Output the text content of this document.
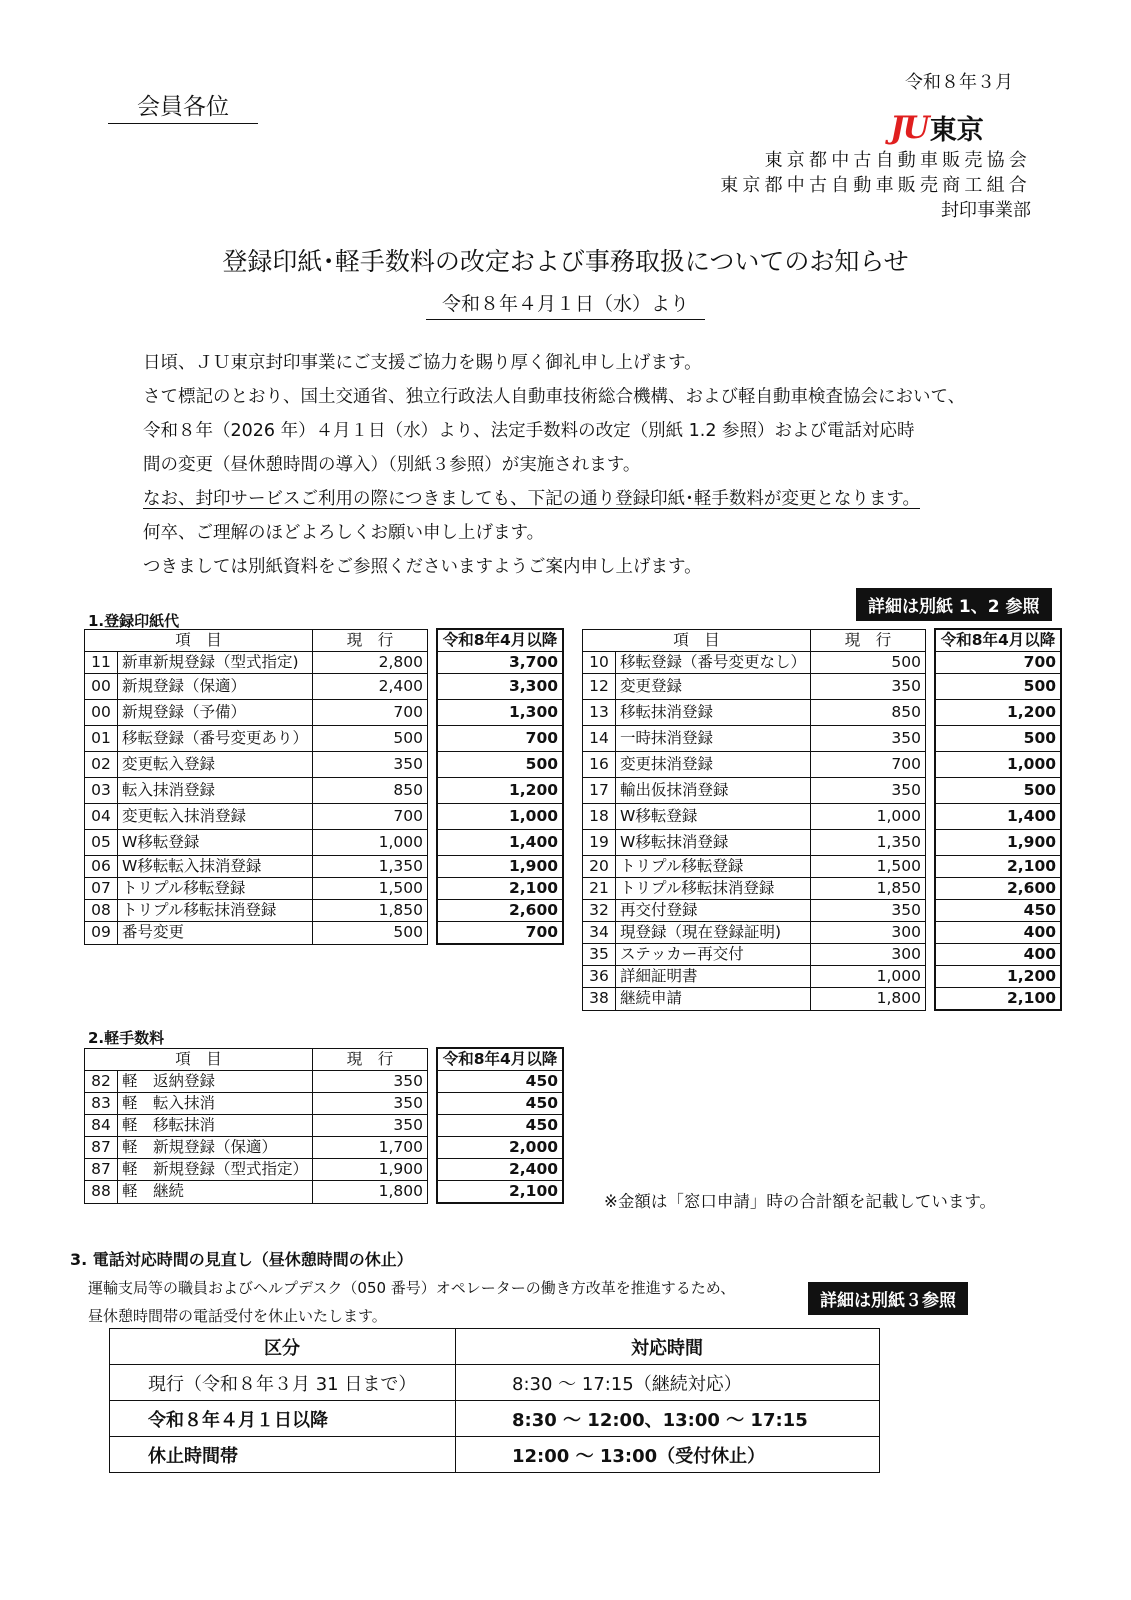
会員各位
令和８年３月
JU 東京
東京都中古自動車販売協会
東京都中古自動車販売商工組合
封印事業部
登録印紙･軽手数料の改定および事務取扱についてのお知らせ
令和８年４月１日（水）より
日頃、ＪＵ東京封印事業にご支援ご協力を賜り厚く御礼申し上げます。
さて標記のとおり、国土交通省、独立行政法人自動車技術総合機構、および軽自動車検査協会において、
令和８年（2026 年）４月１日（水）より、法定手数料の改定（別紙 1.2 参照）および電話対応時
間の変更（昼休憩時間の導入）（別紙３参照）が実施されます。
なお、封印サービスご利用の際につきましても、下記の通り登録印紙･軽手数料が変更となります。
何卒、ご理解のほどよろしくお願い申し上げます。
つきましては別紙資料をご参照くださいますようご案内申し上げます。
詳細は別紙 1、2 参照
1.登録印紙代
項　目		現　行		令和8年4月以降
11	新車新規登録（型式指定)	2,800		3,700
00	新規登録（保適）	2,400		3,300
00	新規登録（予備）	700		1,300
01	移転登録（番号変更あり）	500		700
02	変更転入登録	350		500
03	転入抹消登録	850		1,200
04	変更転入抹消登録	700		1,000
05	W移転登録	1,000		1,400
06	W移転転入抹消登録	1,350		1,900
07	トリプル移転登録	1,500		2,100
08	トリプル移転抹消登録	1,850		2,600
09	番号変更	500		700
項　目		現　行		令和8年4月以降
10	移転登録（番号変更なし）	500		700
12	変更登録	350		500
13	移転抹消登録	850		1,200
14	一時抹消登録	350		500
16	変更抹消登録	700		1,000
17	輸出仮抹消登録	350		500
18	W移転登録	1,000		1,400
19	W移転抹消登録	1,350		1,900
20	トリプル移転登録	1,500		2,100
21	トリプル移転抹消登録	1,850		2,600
32	再交付登録	350		450
34	現登録（現在登録証明)	300		400
35	ステッカー再交付	300		400
36	詳細証明書	1,000		1,200
38	継続申請	1,800		2,100
2.軽手数料
項　目		現　行		令和8年4月以降
82	軽　返納登録	350		450
83	軽　転入抹消	350		450
84	軽　移転抹消	350		450
87	軽　新規登録（保適）	1,700		2,000
87	軽　新規登録（型式指定）	1,900		2,400
88	軽　継続	1,800		2,100
※金額は「窓口申請」時の合計額を記載しています。
3. 電話対応時間の見直し（昼休憩時間の休止）
運輸支局等の職員およびヘルプデスク（050 番号）オペレーターの働き方改革を推進するため、
昼休憩時間帯の電話受付を休止いたします。
詳細は別紙３参照
区分	対応時間
現行（令和８年３月 31 日まで）	8:30 ～ 17:15（継続対応）
令和８年４月１日以降	8:30 ～ 12:00、13:00 ～ 17:15
休止時間帯	12:00 ～ 13:00（受付休止）
